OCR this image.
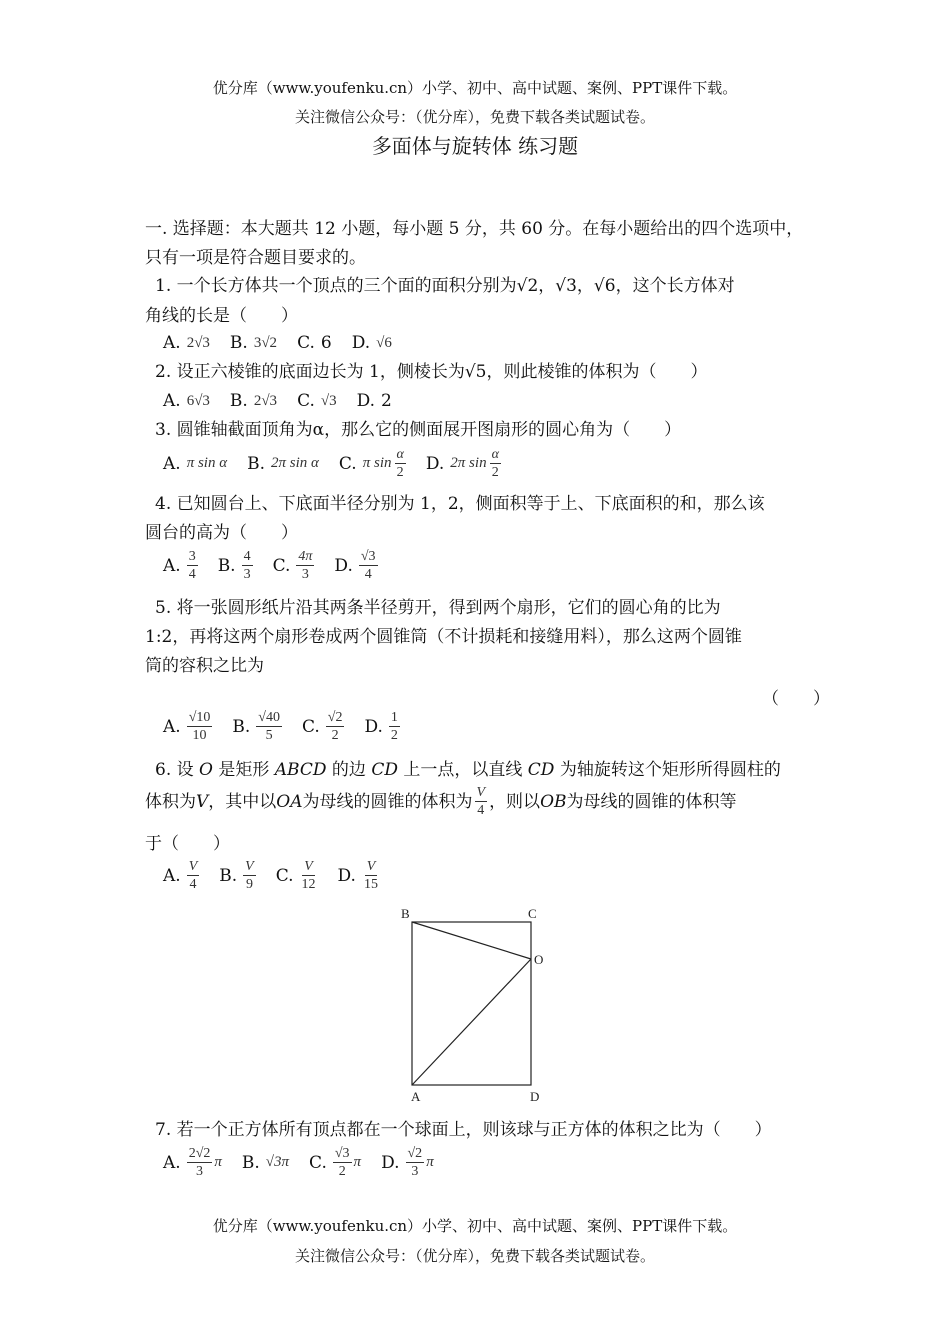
优分库（www.youfenku.cn）小学、初中、高中试题、案例、PPT课件下载。
关注微信公众号：（优分库），免费下载各类试题试卷。
多面体与旋转体 练习题
一. 选择题：本大题共 12 小题，每小题 5 分，共 60 分。在每小题给出的四个选项中，
只有一项是符合题目要求的。
1. 一个长方体共一个顶点的三个面的面积分别为√2，√3，√6，这个长方体对
角线的长是（　　）
A. 2√3 B. 3√2 C. 6 D. √6
2. 设正六棱锥的底面边长为 1，侧棱长为√5，则此棱锥的体积为（　　）
A. 6√3 B. 2√3 C. √3 D. 2
3. 圆锥轴截面顶角为α，那么它的侧面展开图扇形的圆心角为（　　）
A. π sin α B. 2π sin α C. π $\sin \frac{\alpha}{2} D$. 2π $\sin \frac{\alpha}{2}$
4. 已知圆台上、下底面半径分别为 1，2，侧面积等于上、下底面积的和，那么该
圆台的高为（　　）
A. $\frac{3}{4} B$. $\frac{4}{3} C$. $\frac{4\pi}{3} D$. $\frac{√3}{4}$
5. 将一张圆形纸片沿其两条半径剪开，得到两个扇形，它们的圆心角的比为
1:2，再将这两个扇形卷成两个圆锥筒（不计损耗和接缝用料），那么这两个圆锥
筒的容积之比为
（　　）
A. $\frac{√10}{10} B$. $\frac{√40}{5} C$. $\frac{√2}{2} D$. $\frac{1}{2}$
6. 设 O 是矩形 ABCD 的边 CD 上一点，以直线 CD 为轴旋转这个矩形所得圆柱的
体积为 V ，其中以 OA 为母线的圆锥的体积为 $\frac{V}{4}$ ，则以 OB 为母线的圆锥的体积等
于（　　）
A. $\frac{V}{4} B$. $\frac{V}{9} C$. $\frac{V}{12} D$. $\frac{V}{15}$
B	C
O
A	D
7. 若一个正方体所有顶点都在一个球面上，则该球与正方体的体积之比为（　　）
A. $\frac{2√2}{3}$ π B. √3π C. $\frac{√3}{2}$ π D. $\frac{√2}{3}$ π
优分库（www.youfenku.cn）小学、初中、高中试题、案例、PPT课件下载。
关注微信公众号：（优分库），免费下载各类试题试卷。
